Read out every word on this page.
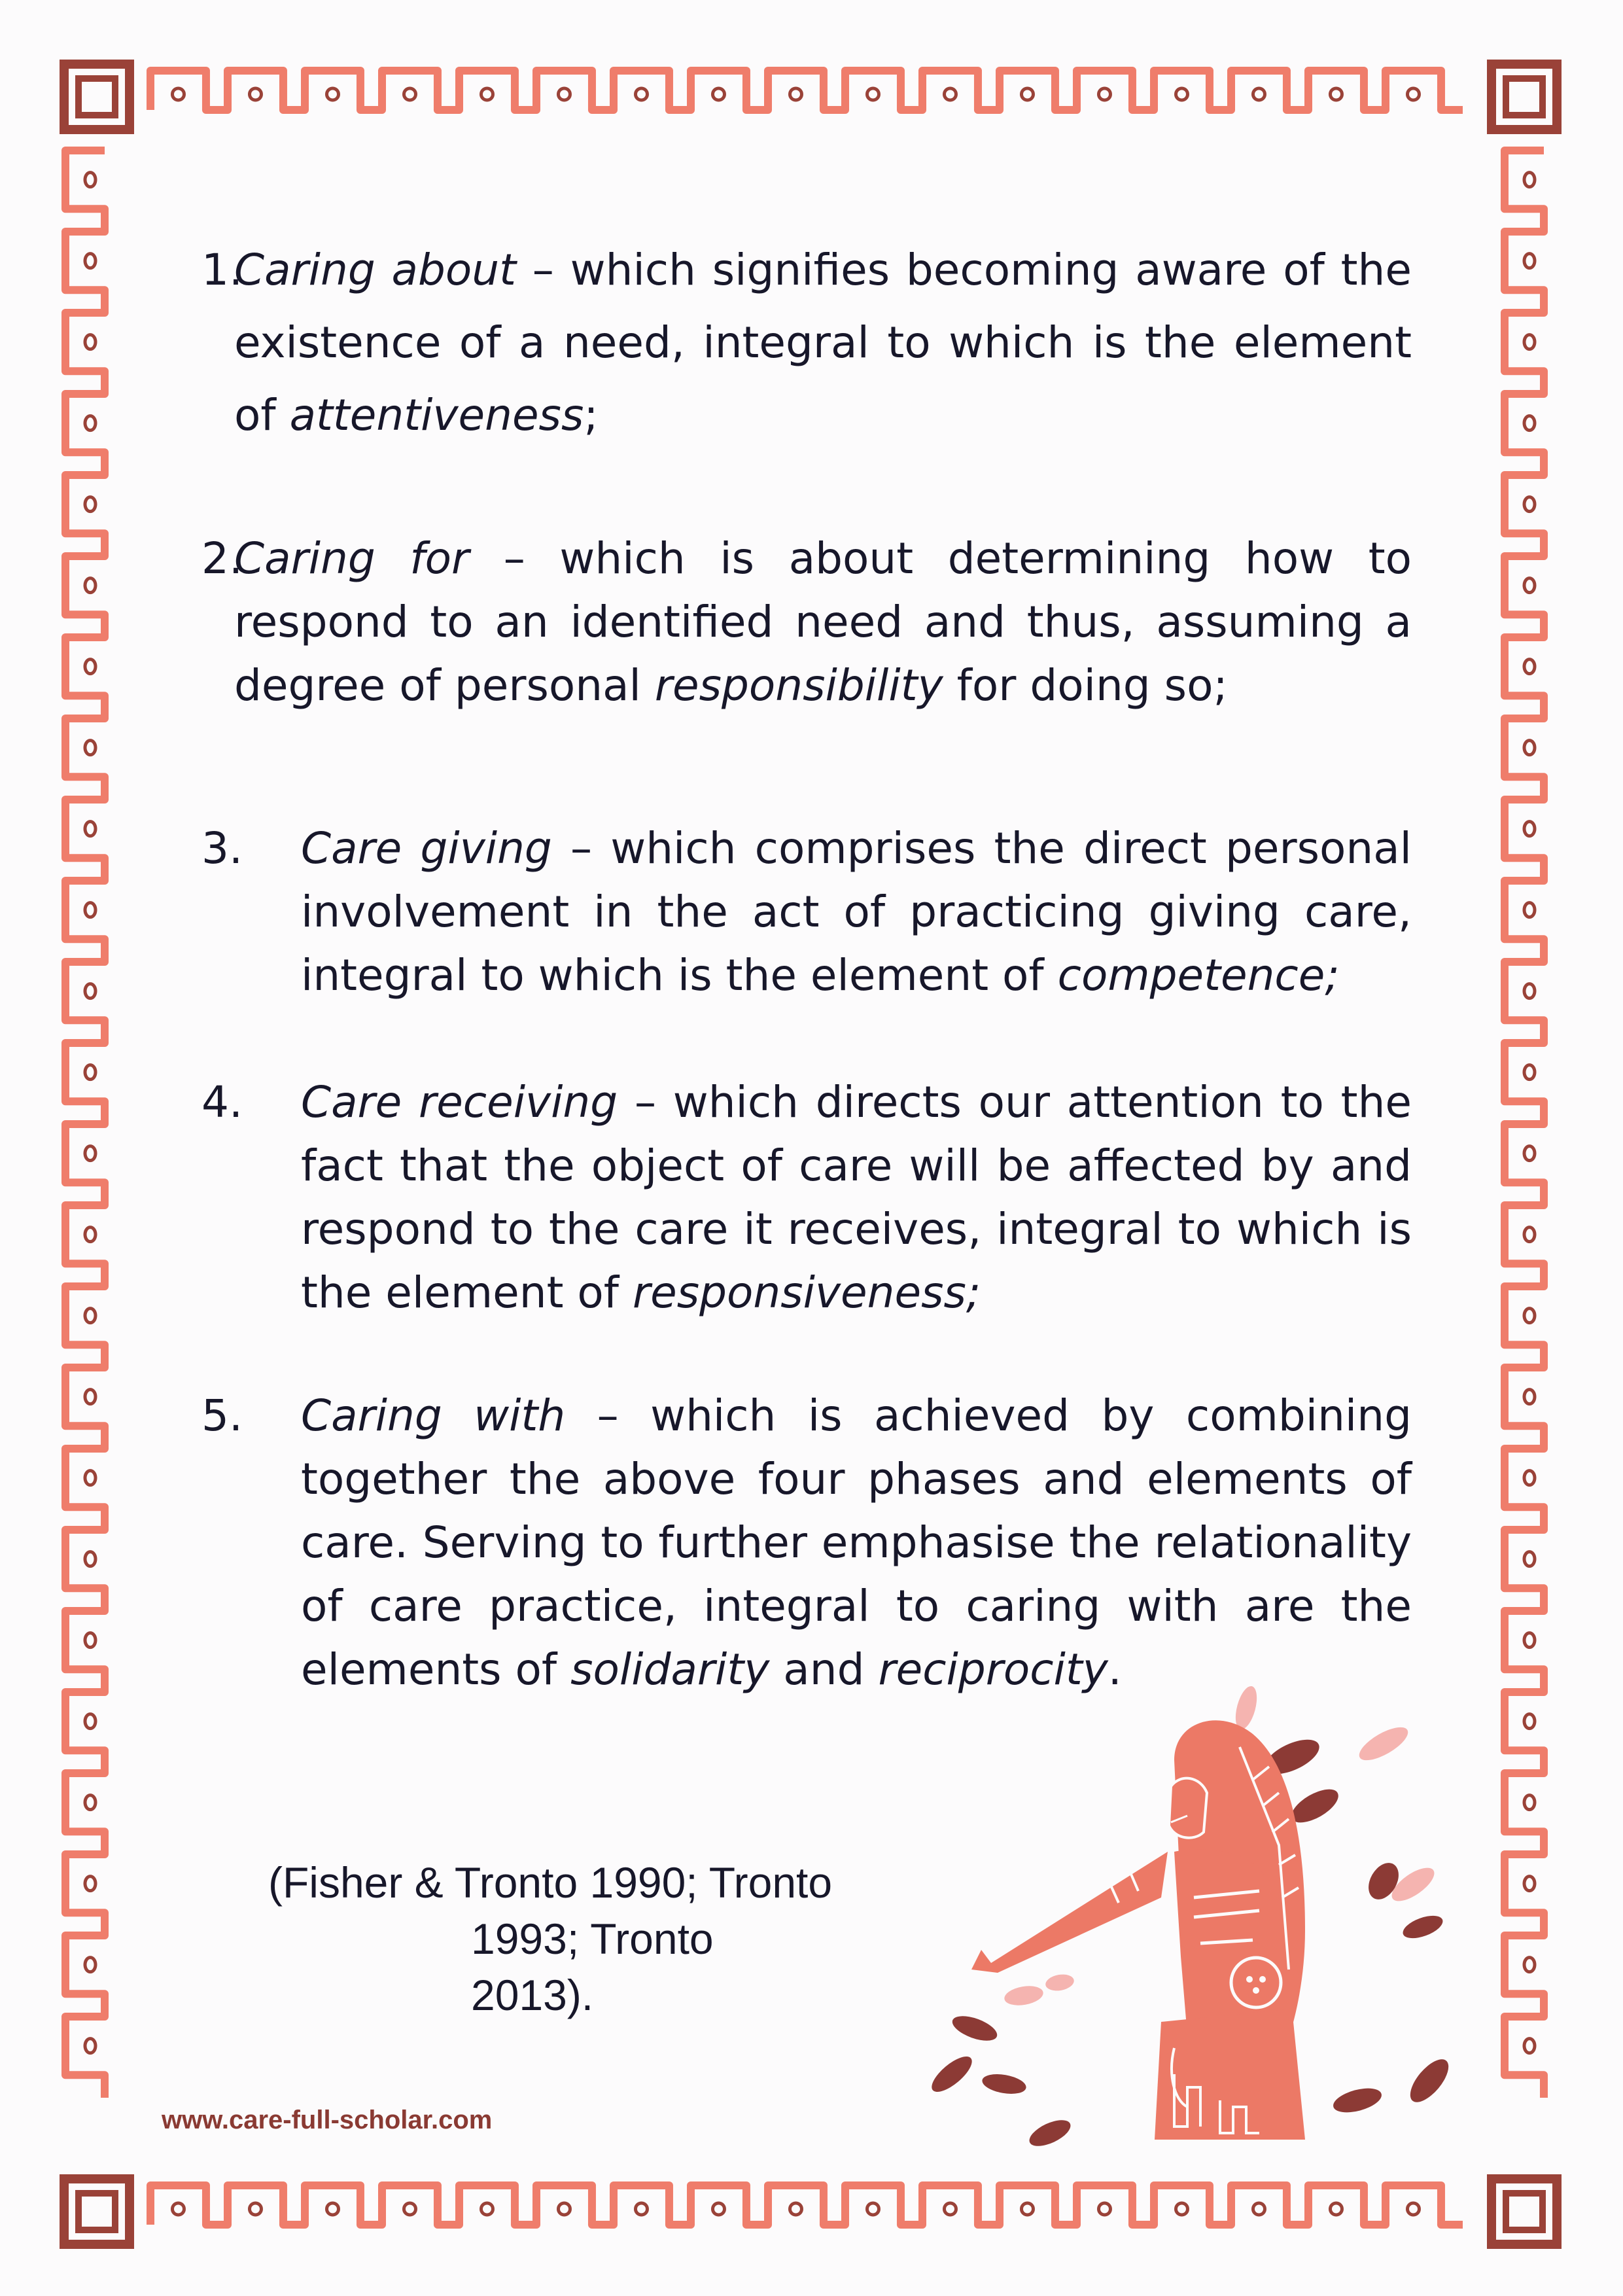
1.
Caring about – which signifies becoming aware of the existence of a need, integral to which is the element of attentiveness;
2.
Caring for – which is about determining how to respond to an identified need and thus, assuming a degree of personal responsibility for doing so;
3.	Care giving – which comprises the direct personal involvement in the act of practicing giving care, integral to which is the element of competence;
4.	Care receiving – which directs our attention to the fact that the object of care will be affected by and respond to the care it receives, integral to which is the element of responsiveness;
5.	Caring with – which is achieved by combining together the above four phases and elements of care. Serving to further emphasise the relationality of care practice, integral to caring with are the elements of solidarity and reciprocity.
(Fisher & Tronto 1990; Tronto
1993; Tronto 2013).
www.care-full-scholar.com
